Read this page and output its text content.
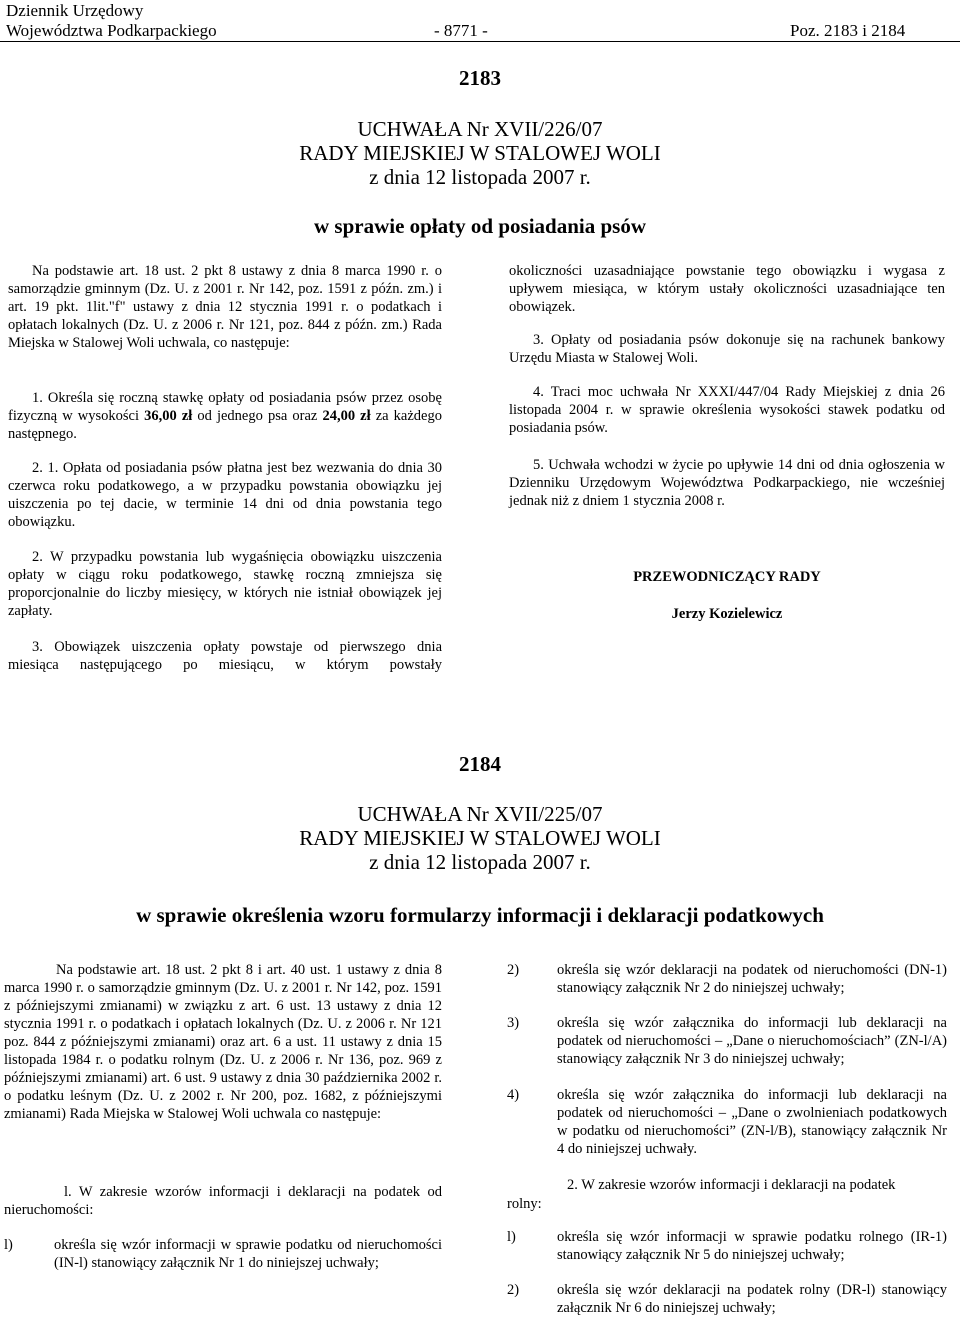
Dziennik Urzędowy
Województwa Podkarpackiego	- 8771 -	Poz. 2183 i 2184
2183
UCHWAŁA Nr XVII/226/07
RADY MIEJSKIEJ W STALOWEJ WOLI
z dnia 12 listopada 2007 r.
w sprawie opłaty od posiadania psów

Na podstawie art. 18 ust. 2 pkt 8 ustawy z dnia 8 marca 1990 r. o samorządzie gminnym (Dz. U. z 2001 r. Nr 142, poz. 1591 z późn. zm.) i art. 19 pkt. 1lit."f" ustawy z dnia 12 stycznia 1991 r. o podatkach i opłatach lokalnych (Dz. U. z 2006 r. Nr 121, poz. 844 z późn. zm.) Rada Miejska w Stalowej Woli uchwala, co następuje:

1. Określa się roczną stawkę opłaty od posiadania psów przez osobę fizyczną w wysokości 36,00 zł od jednego psa oraz 24,00 zł za każdego następnego.

2. 1. Opłata od posiadania psów płatna jest bez wezwania do dnia 30 czerwca roku podatkowego, a w przypadku powstania obowiązku jej uiszczenia po tej dacie, w terminie 14 dni od dnia powstania tego obowiązku.

2. W przypadku powstania lub wygaśnięcia obowiązku uiszczenia opłaty w ciągu roku podatkowego, stawkę roczną zmniejsza się proporcjonalnie do liczby miesięcy, w których nie istniał obowiązek jej zapłaty.

3. Obowiązek uiszczenia opłaty powstaje od pierwszego dnia miesiąca następującego po miesiącu, w którym powstały

okoliczności uzasadniające powstanie tego obowiązku i wygasa z upływem miesiąca, w którym ustały okoliczności uzasadniające ten obowiązek.

3. Opłaty od posiadania psów dokonuje się na rachunek bankowy Urzędu Miasta w Stalowej Woli.

4. Traci moc uchwała Nr XXXI/447/04 Rady Miejskiej z dnia 26 listopada 2004 r. w sprawie określenia wysokości stawek podatku od posiadania psów.

5. Uchwała wchodzi w życie po upływie 14 dni od dnia ogłoszenia w Dzienniku Urzędowym Województwa Podkarpackiego, nie wcześniej jednak niż z dniem 1 stycznia 2008 r.

PRZEWODNICZĄCY RADY
Jerzy Kozielewicz
2184
UCHWAŁA Nr XVII/225/07
RADY MIEJSKIEJ W STALOWEJ WOLI
z dnia 12 listopada 2007 r.
w sprawie określenia wzoru formularzy informacji i deklaracji podatkowych

Na podstawie art. 18 ust. 2 pkt 8 i art. 40 ust. 1 ustawy z dnia 8 marca 1990 r. o samorządzie gminnym (Dz. U. z 2001 r. Nr 142, poz. 1591 z późniejszymi zmianami) w związku z art. 6 ust. 13 ustawy z dnia 12 stycznia 1991 r. o podatkach i opłatach lokalnych (Dz. U. z 2006 r. Nr 121 poz. 844 z późniejszymi zmianami) oraz art. 6 a ust. 11 ustawy z dnia 15 listopada 1984 r. o podatku rolnym (Dz. U. z 2006 r. Nr 136, poz. 969 z późniejszymi zmianami) art. 6 ust. 9 ustawy z dnia 30 października 2002 r. o podatku leśnym (Dz. U. z 2002 r. Nr 200, poz. 1682, z późniejszymi zmianami) Rada Miejska w Stalowej Woli uchwala co następuje:

l. W zakresie wzorów informacji i deklaracji na podatek od nieruchomości:

l)	określa się wzór informacji w sprawie podatku od nieruchomości (IN-l) stanowiący załącznik Nr 1 do niniejszej uchwały;
2)	określa się wzór deklaracji na podatek od nieruchomości (DN-1) stanowiący załącznik Nr 2 do niniejszej uchwały;
3)	określa się wzór załącznika do informacji lub deklaracji na podatek od nieruchomości – „Dane o nieruchomościach” (ZN-l/A) stanowiący załącznik Nr 3 do niniejszej uchwały;
4)	określa się wzór załącznika do informacji lub deklaracji na podatek od nieruchomości – „Dane o zwolnieniach podatkowych w podatku od nieruchomości” (ZN-l/B), stanowiący załącznik Nr 4 do niniejszej uchwały.

2. W zakresie wzorów informacji i deklaracji na podatek

rolny:
l)	określa się wzór informacji w sprawie podatku rolnego (IR-1) stanowiący załącznik Nr 5 do niniejszej uchwały;
2)	określa się wzór deklaracji na podatek rolny (DR-l) stanowiący załącznik Nr 6 do niniejszej uchwały;
